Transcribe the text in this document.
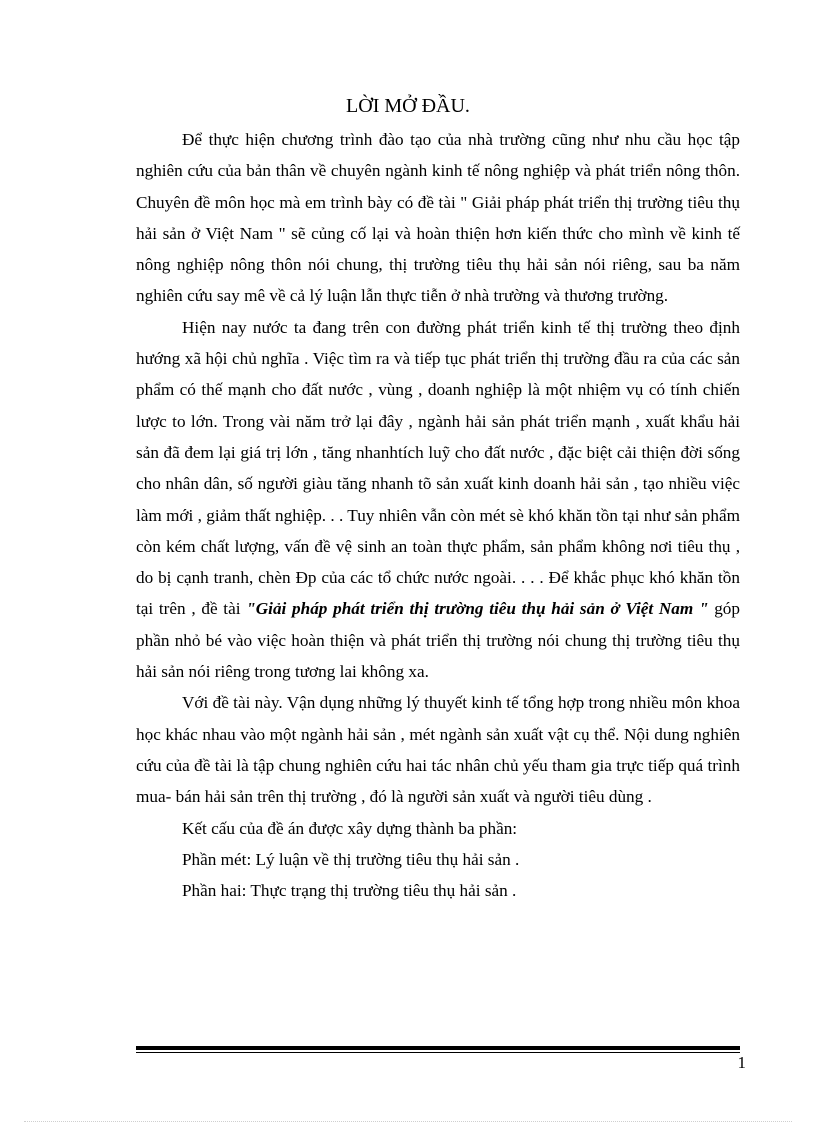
LỜI MỞ ĐẦU.

Để thực hiện chương trình đào tạo của nhà trường cũng như nhu cầu học tập nghiên cứu của bản thân về chuyên ngành kinh tế nông nghiệp và phát triển nông thôn. Chuyên đề môn học mà em trình bày có đề tài " Giải pháp phát triển thị trường tiêu thụ hải sản ở Việt Nam " sẽ củng cố lại và hoàn thiện hơn kiến thức cho mình về kinh tế nông nghiệp nông thôn nói chung, thị trường tiêu thụ hải sản nói riêng, sau ba năm nghiên cứu say mê về cả lý luận lẫn thực tiễn ở nhà trường và thương trường.

Hiện nay nước ta đang trên con đường phát triển kinh tế thị trường theo định hướng xã hội chủ nghĩa . Việc tìm ra và tiếp tục phát triển thị trường đầu ra của các sản phẩm có thế mạnh cho đất nước , vùng , doanh nghiệp là một nhiệm vụ có tính chiến lược to lớn. Trong vài năm trở lại đây , ngành hải sản phát triển mạnh , xuất khẩu hải sản đã đem lại giá trị lớn , tăng nhanhtích luỹ cho đất nước , đặc biệt cải thiện đời sống cho nhân dân, số người giàu tăng nhanh tõ sản xuất kinh doanh hải sản , tạo nhiều việc làm mới , giảm thất nghiệp. . . Tuy nhiên vẫn còn mét sè khó khăn tồn tại như sản phẩm còn kém chất lượng, vấn đề vệ sinh an toàn thực phẩm, sản phẩm không nơi tiêu thụ , do bị cạnh tranh, chèn Ðp của các tổ chức nước ngoài. . . . Để khắc phục khó khăn tồn tại trên , đề tài "Giải pháp phát triển thị trường tiêu thụ hải sản ở Việt Nam " góp phần nhỏ bé vào việc hoàn thiện và phát triển thị trường nói chung thị trường tiêu thụ hải sản nói riêng trong tương lai không xa.

Với đề tài này. Vận dụng những lý thuyết kinh tế tổng hợp trong nhiều môn khoa học khác nhau vào một ngành hải sản , mét ngành sản xuất vật cụ thể. Nội dung nghiên cứu của đề tài là tập chung nghiên cứu hai tác nhân chủ yếu tham gia trực tiếp quá trình mua- bán hải sản trên thị trường , đó là người sản xuất và người tiêu dùng .

Kết cấu của đề án được xây dựng thành ba phần:

Phần mét: Lý luận về thị trường tiêu thụ hải sản .

Phần hai: Thực trạng thị trường tiêu thụ hải sản .

1
